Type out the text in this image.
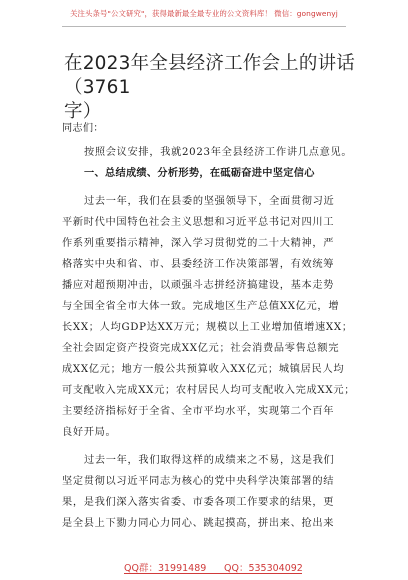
关注头条号"公文研究"，获得最新最全最专业的公文资料库！ 微信：gongwenyj
在2023年全县经济工作会上的讲话（3761
字）
同志们：
按照会议安排，我就2023年全县经济工作讲几点意见。
一、总结成绩、分析形势，在砥砺奋进中坚定信心
过去一年，我们在县委的坚强领导下，全面贯彻习近
平新时代中国特色社会主义思想和习近平总书记对四川工
作系列重要指示精神，深入学习贯彻党的二十大精神，严
格落实中央和省、市、县委经济工作决策部署，有效统筹
播应对超预期冲击，以顽强斗志拼经济搞建设，基本走势
与全国全省全市大体一致。完成地区生产总值XX亿元，增
长XX；人均GDP达XX万元；规模以上工业增加值增速XX；
全社会固定资产投资完成XX亿元；社会消费品零售总额完
成XX亿元；地方一般公共预算收入XX亿元；城镇居民人均
可支配收入完成XX元；农村居民人均可支配收入完成XX元；
主要经济指标好于全省、全市平均水平，实现第二个百年
良好开局。
过去一年，我们取得这样的成绩来之不易，这是我们
坚定贯彻以习近平同志为核心的党中央科学决策部署的结
果，是我们深入落实省委、市委各项工作要求的结果，更
是全县上下勠力同心力同心、跳起摸高，拼出来、抢出来
QQ群：31991489 QQ：535304092
